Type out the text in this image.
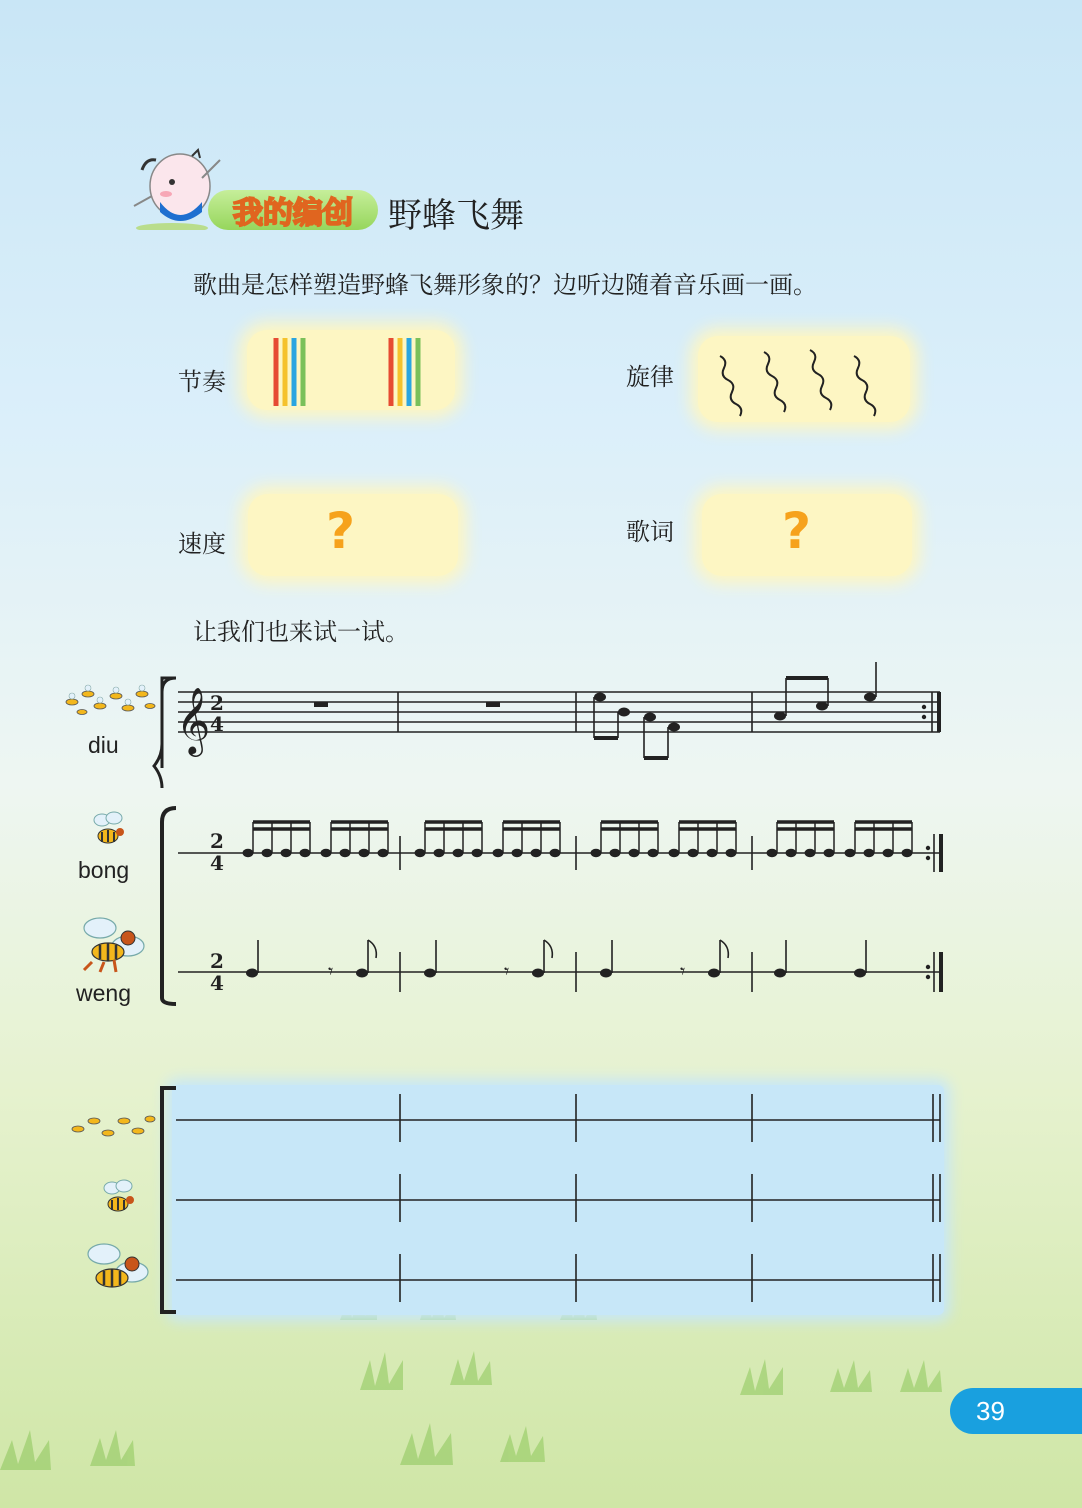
我的编创 野蜂飞舞
歌曲是怎样塑造野蜂飞舞形象的？边听边随着音乐画一画。
节奏	旋律
速度 ?	歌词 ?
让我们也来试一试。
diu
bong
weng
𝄞 2
4
2
4
2
4	𝄾	𝄾	𝄾
39
